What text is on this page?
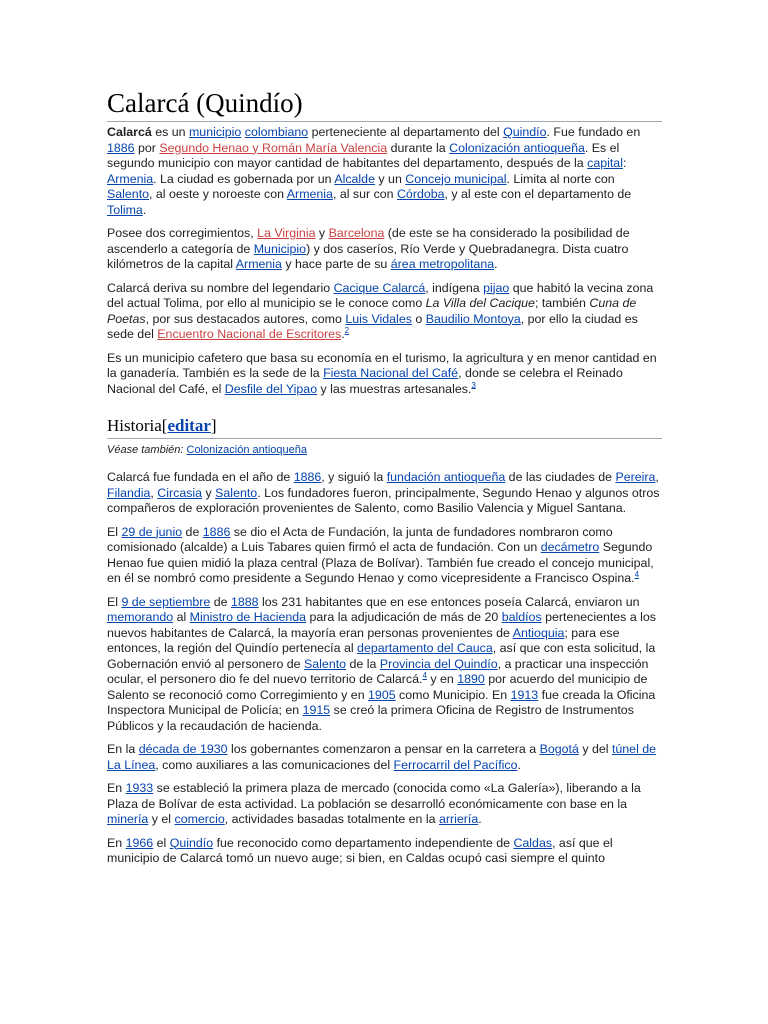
Calarcá (Quindío)

Calarcá es un municipio colombiano perteneciente al departamento del Quindío. Fue fundado en 1886 por Segundo Henao y Román María Valencia durante la Colonización antioqueña. Es el segundo municipio con mayor cantidad de habitantes del departamento, después de la capital: Armenia. La ciudad es gobernada por un Alcalde y un Concejo municipal. Limita al norte con Salento, al oeste y noroeste con Armenia, al sur con Córdoba, y al este con el departamento de Tolima.

Posee dos corregimientos, La Virginia y Barcelona (de este se ha considerado la posibilidad de ascenderlo a categoría de Municipio) y dos caseríos, Río Verde y Quebradanegra. Dista cuatro kilómetros de la capital Armenia y hace parte de su área metropolitana.

Calarcá deriva su nombre del legendario Cacique Calarcá, indígena pijao que habitó la vecina zona del actual Tolima, por ello al municipio se le conoce como La Villa del Cacique; también Cuna de Poetas, por sus destacados autores, como Luis Vidales o Baudilio Montoya, por ello la ciudad es sede del Encuentro Nacional de Escritores.$^2$

Es un municipio cafetero que basa su economía en el turismo, la agricultura y en menor cantidad en la ganadería. También es la sede de la Fiesta Nacional del Café, donde se celebra el Reinado Nacional del Café, el Desfile del Yipao y las muestras artesanales.$^3$

Historia[editar]
Véase también: Colonización antioqueña

Calarcá fue fundada en el año de 1886, y siguió la fundación antioqueña de las ciudades de Pereira, Filandia, Circasia y Salento. Los fundadores fueron, principalmente, Segundo Henao y algunos otros compañeros de exploración provenientes de Salento, como Basilio Valencia y Miguel Santana.

El 29 de junio de 1886 se dio el Acta de Fundación, la junta de fundadores nombraron como comisionado (alcalde) a Luis Tabares quien firmó el acta de fundación. Con un decámetro Segundo Henao fue quien midió la plaza central (Plaza de Bolívar). También fue creado el concejo municipal, en él se nombró como presidente a Segundo Henao y como vicepresidente a Francisco Ospina.$^4$

El 9 de septiembre de 1888 los 231 habitantes que en ese entonces poseía Calarcá, enviaron un memorando al Ministro de Hacienda para la adjudicación de más de 20 baldíos pertenecientes a los nuevos habitantes de Calarcá, la mayoría eran personas provenientes de Antioquia; para ese entonces, la región del Quindío pertenecía al departamento del Cauca, así que con esta solicitud, la Gobernación envió al personero de Salento de la Provincia del Quindío, a practicar una inspección ocular, el personero dio fe del nuevo territorio de Calarcá.$^4$ y en 1890 por acuerdo del municipio de Salento se reconoció como Corregimiento y en 1905 como Municipio. En 1913 fue creada la Oficina Inspectora Municipal de Policía; en 1915 se creó la primera Oficina de Registro de Instrumentos Públicos y la recaudación de hacienda.

En la década de 1930 los gobernantes comenzaron a pensar en la carretera a Bogotá y del túnel de La Línea, como auxiliares a las comunicaciones del Ferrocarril del Pacífico.

En 1933 se estableció la primera plaza de mercado (conocida como «La Galería»), liberando a la Plaza de Bolívar de esta actividad. La población se desarrolló económicamente con base en la minería y el comercio, actividades basadas totalmente en la arriería.

En 1966 el Quindío fue reconocido como departamento independiente de Caldas, así que el municipio de Calarcá tomó un nuevo auge; si bien, en Caldas ocupó casi siempre el quinto
